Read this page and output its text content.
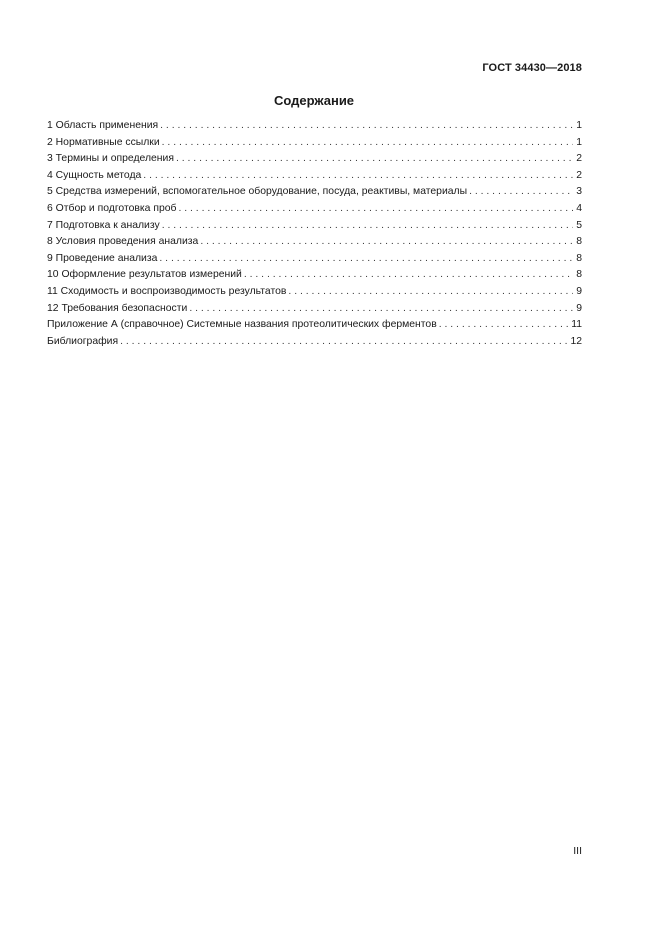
ГОСТ 34430—2018
Содержание
1 Область применения . . .	1
2 Нормативные ссылки . . .	1
3 Термины и определения . . .	2
4 Сущность метода . . .	2
5 Средства измерений, вспомогательное оборудование, посуда, реактивы, материалы . . .	3
6 Отбор и подготовка проб . . .	4
7 Подготовка к анализу . . .	5
8 Условия проведения анализа . . .	8
9 Проведение анализа . . .	8
10 Оформление результатов измерений . . .	8
11 Сходимость и воспроизводимость результатов . . .	9
12 Требования безопасности . . .	9
Приложение А (справочное) Системные названия протеолитических ферментов . . .	11
Библиография . . .	12
III
